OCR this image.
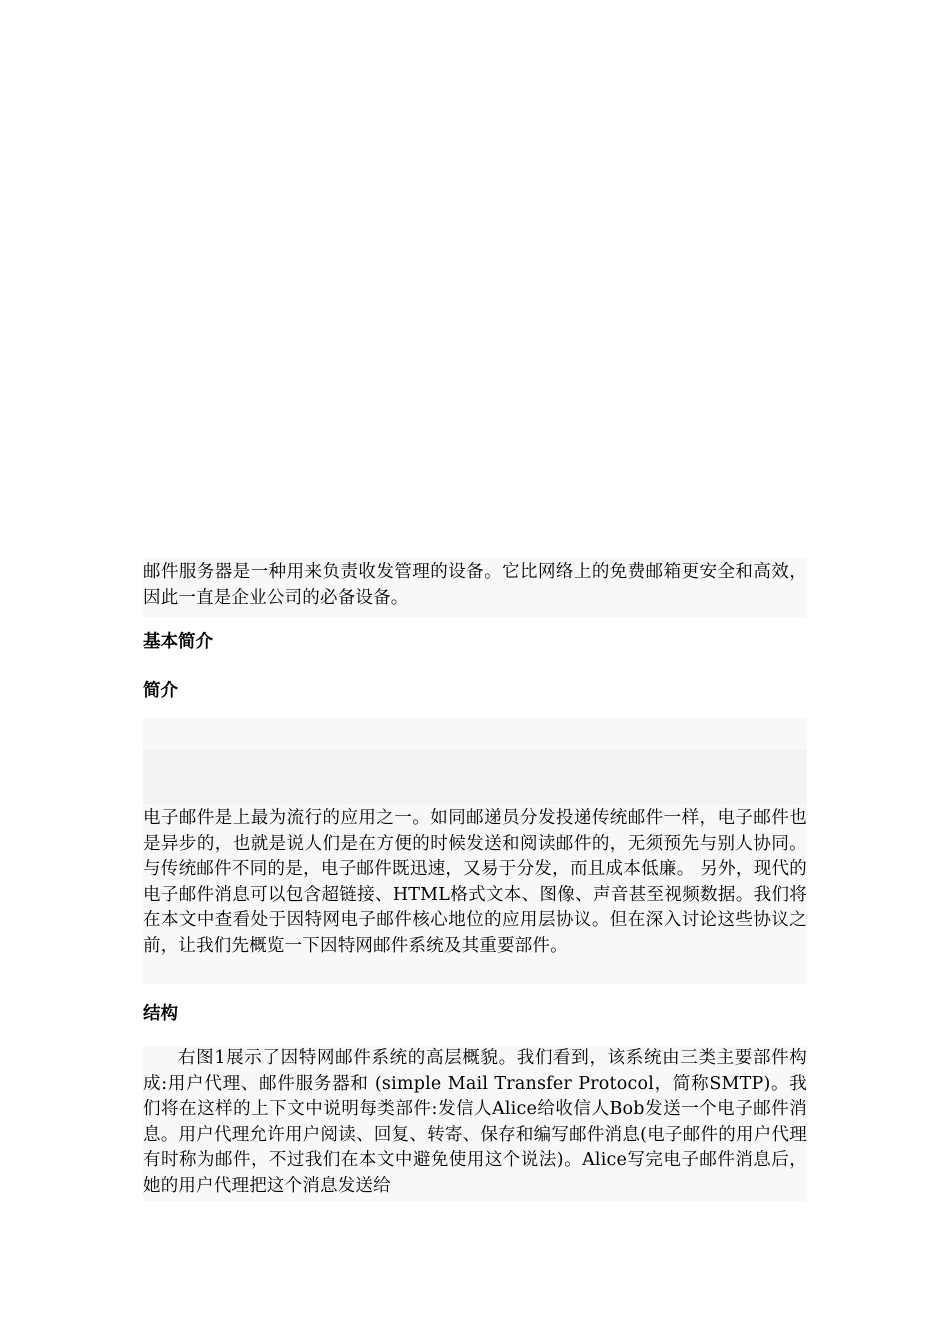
邮件服务器是一种用来负责收发管理的设备。它比网络上的免费邮箱更安全和高效，因此一直是企业公司的必备设备。

基本简介
简介

电子邮件是上最为流行的应用之一。如同邮递员分发投递传统邮件一样，电子邮件也是异步的，也就是说人们是在方便的时候发送和阅读邮件的，无须预先与别人协同。与传统邮件不同的是，电子邮件既迅速，又易于分发，而且成本低廉。 另外，现代的电子邮件消息可以包含超链接、HTML格式文本、图像、声音甚至视频数据。我们将在本文中查看处于因特网电子邮件核心地位的应用层协议。但在深入讨论这些协议之前，让我们先概览一下因特网邮件系统及其重要部件。

结构

右图1展示了因特网邮件系统的高层概貌。我们看到，该系统由三类主要部件构成:用户代理、邮件服务器和 (simple Mail Transfer Protocol，简称SMTP)。我们将在这样的上下文中说明每类部件:发信人Alice给收信人Bob发送一个电子邮件消息。用户代理允许用户阅读、回复、转寄、保存和编写邮件消息(电子邮件的用户代理有时称为邮件，不过我们在本文中避免使用这个说法)。Alice写完电子邮件消息后，她的用户代理把这个消息发送给
